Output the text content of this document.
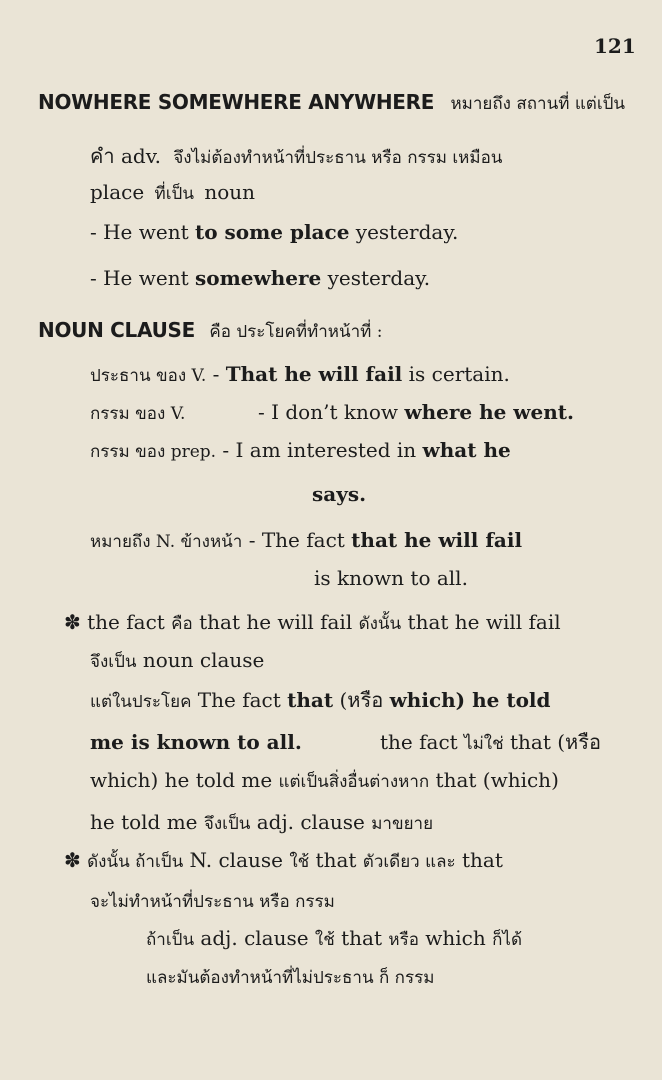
121
NOWHERE SOMEWHERE ANYWHERE หมายถึง สถานที่ แต่เป็น
คำ adv. จึงไม่ต้องทำหน้าที่ประธาน หรือ กรรม เหมือน
place ที่เป็น noun
- He went to some place yesterday.
- He went somewhere yesterday.
NOUN CLAUSE คือ ประโยคที่ทำหน้าที่ :
ประธาน ของ V. - That he will fail is certain.
กรรม ของ V.	- I don’t know where he went.
กรรม ของ prep. - I am interested in what he
says.
หมายถึง N. ข้างหน้า - The fact that he will fail
is known to all.
✽ the fact คือ that he will fail ดังนั้น that he will fail
จึงเป็น noun clause
แต่ในประโยค The fact that (หรือ which) he told
me is known to all.	the fact ไม่ใช่ that (หรือ
which) he told me แต่เป็นสิ่งอื่นต่างหาก that (which)
he told me จึงเป็น adj. clause มาขยาย
✽ ดังนั้น ถ้าเป็น N. clause ใช้ that ตัวเดียว และ that
จะไม่ทำหน้าที่ประธาน หรือ กรรม
ถ้าเป็น adj. clause ใช้ that หรือ which ก็ได้
และมันต้องทำหน้าที่ไม่ประธาน ก็ กรรม
